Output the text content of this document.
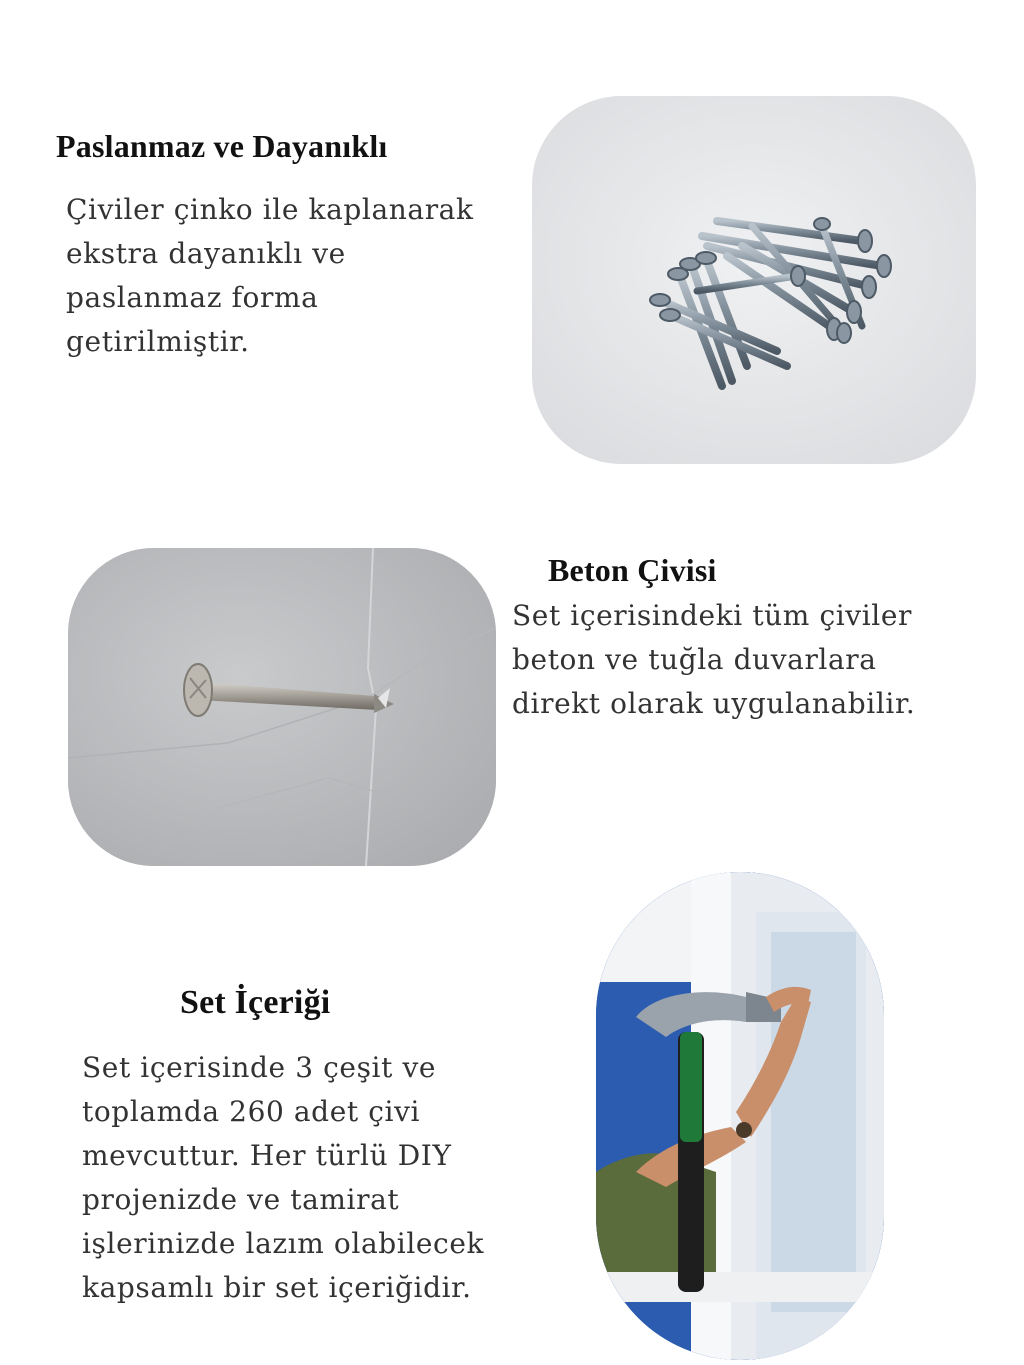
Paslanmaz ve Dayanıklı
Çiviler çinko ile kaplanarak
ekstra dayanıklı ve
paslanmaz forma
getirilmiştir.
Beton Çivisi
Set içerisindeki tüm çiviler
beton ve tuğla duvarlara
direkt olarak uygulanabilir.
Set İçeriği
Set içerisinde 3 çeşit ve
toplamda 260 adet çivi
mevcuttur. Her türlü DIY
projenizde ve tamirat
işlerinizde lazım olabilecek
kapsamlı bir set içeriğidir.
